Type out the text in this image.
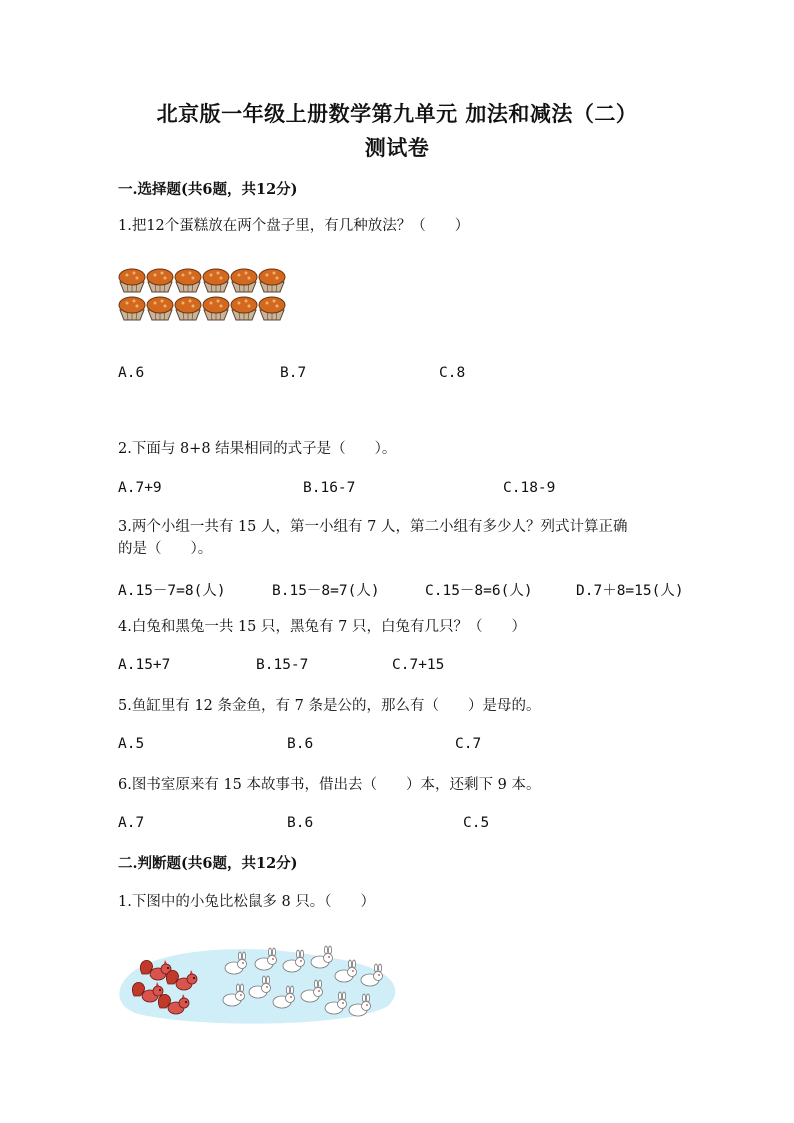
北京版一年级上册数学第九单元 加法和减法（二）
测试卷
一.选择题(共6题，共12分)
1.把12个蛋糕放在两个盘子里，有几种放法？（　　）
A.6	B.7	C.8
2.下面与 8+8 结果相同的式子是（　　）。
A.7+9	B.16-7	C.18-9
3.两个小组一共有 15 人，第一小组有 7 人，第二小组有多少人？列式计算正确
的是（　　）。
A.15－7=8(人)	B.15－8=7(人)	C.15－8=6(人)	D.7＋8=15(人)
4.白兔和黑兔一共 15 只，黑兔有 7 只，白兔有几只？（　　）
A.15+7	B.15-7	C.7+15
5.鱼缸里有 12 条金鱼，有 7 条是公的，那么有（　　）是母的。
A.5	B.6	C.7
6.图书室原来有 15 本故事书，借出去（　　）本，还剩下 9 本。
A.7	B.6	C.5
二.判断题(共6题，共12分)
1.下图中的小兔比松鼠多 8 只。（　　）
